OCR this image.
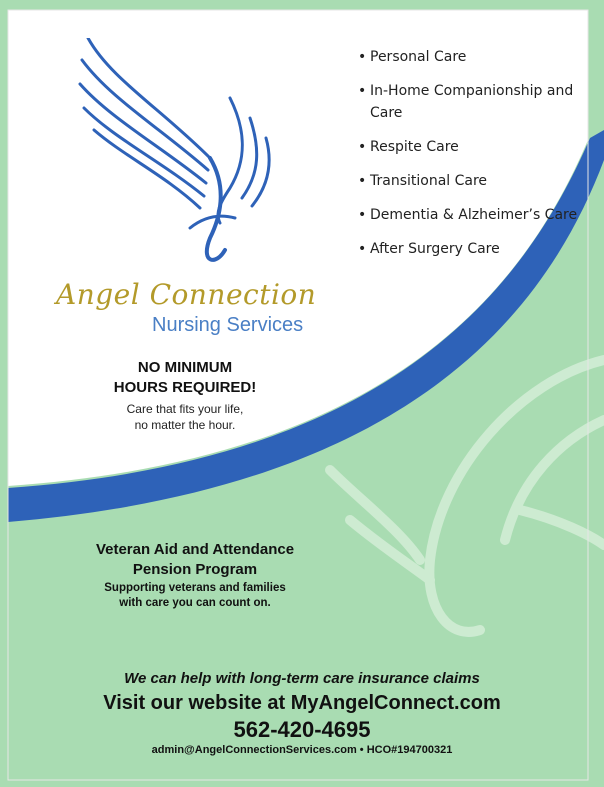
• Personal Care
• In-Home Companionship and Care
• Respite Care
• Transitional Care
• Dementia & Alzheimer’s Care
• After Surgery Care
Angel Connection
Nursing Services
NO MINIMUM
HOURS REQUIRED!
Care that fits your life,
no matter the hour.
Veteran Aid and Attendance
Pension Program
Supporting veterans and families
with care you can count on.
We can help with long-term care insurance claims
Visit our website at MyAngelConnect.com
562-420-4695
admin@AngelConnectionServices.com • HCO#194700321
